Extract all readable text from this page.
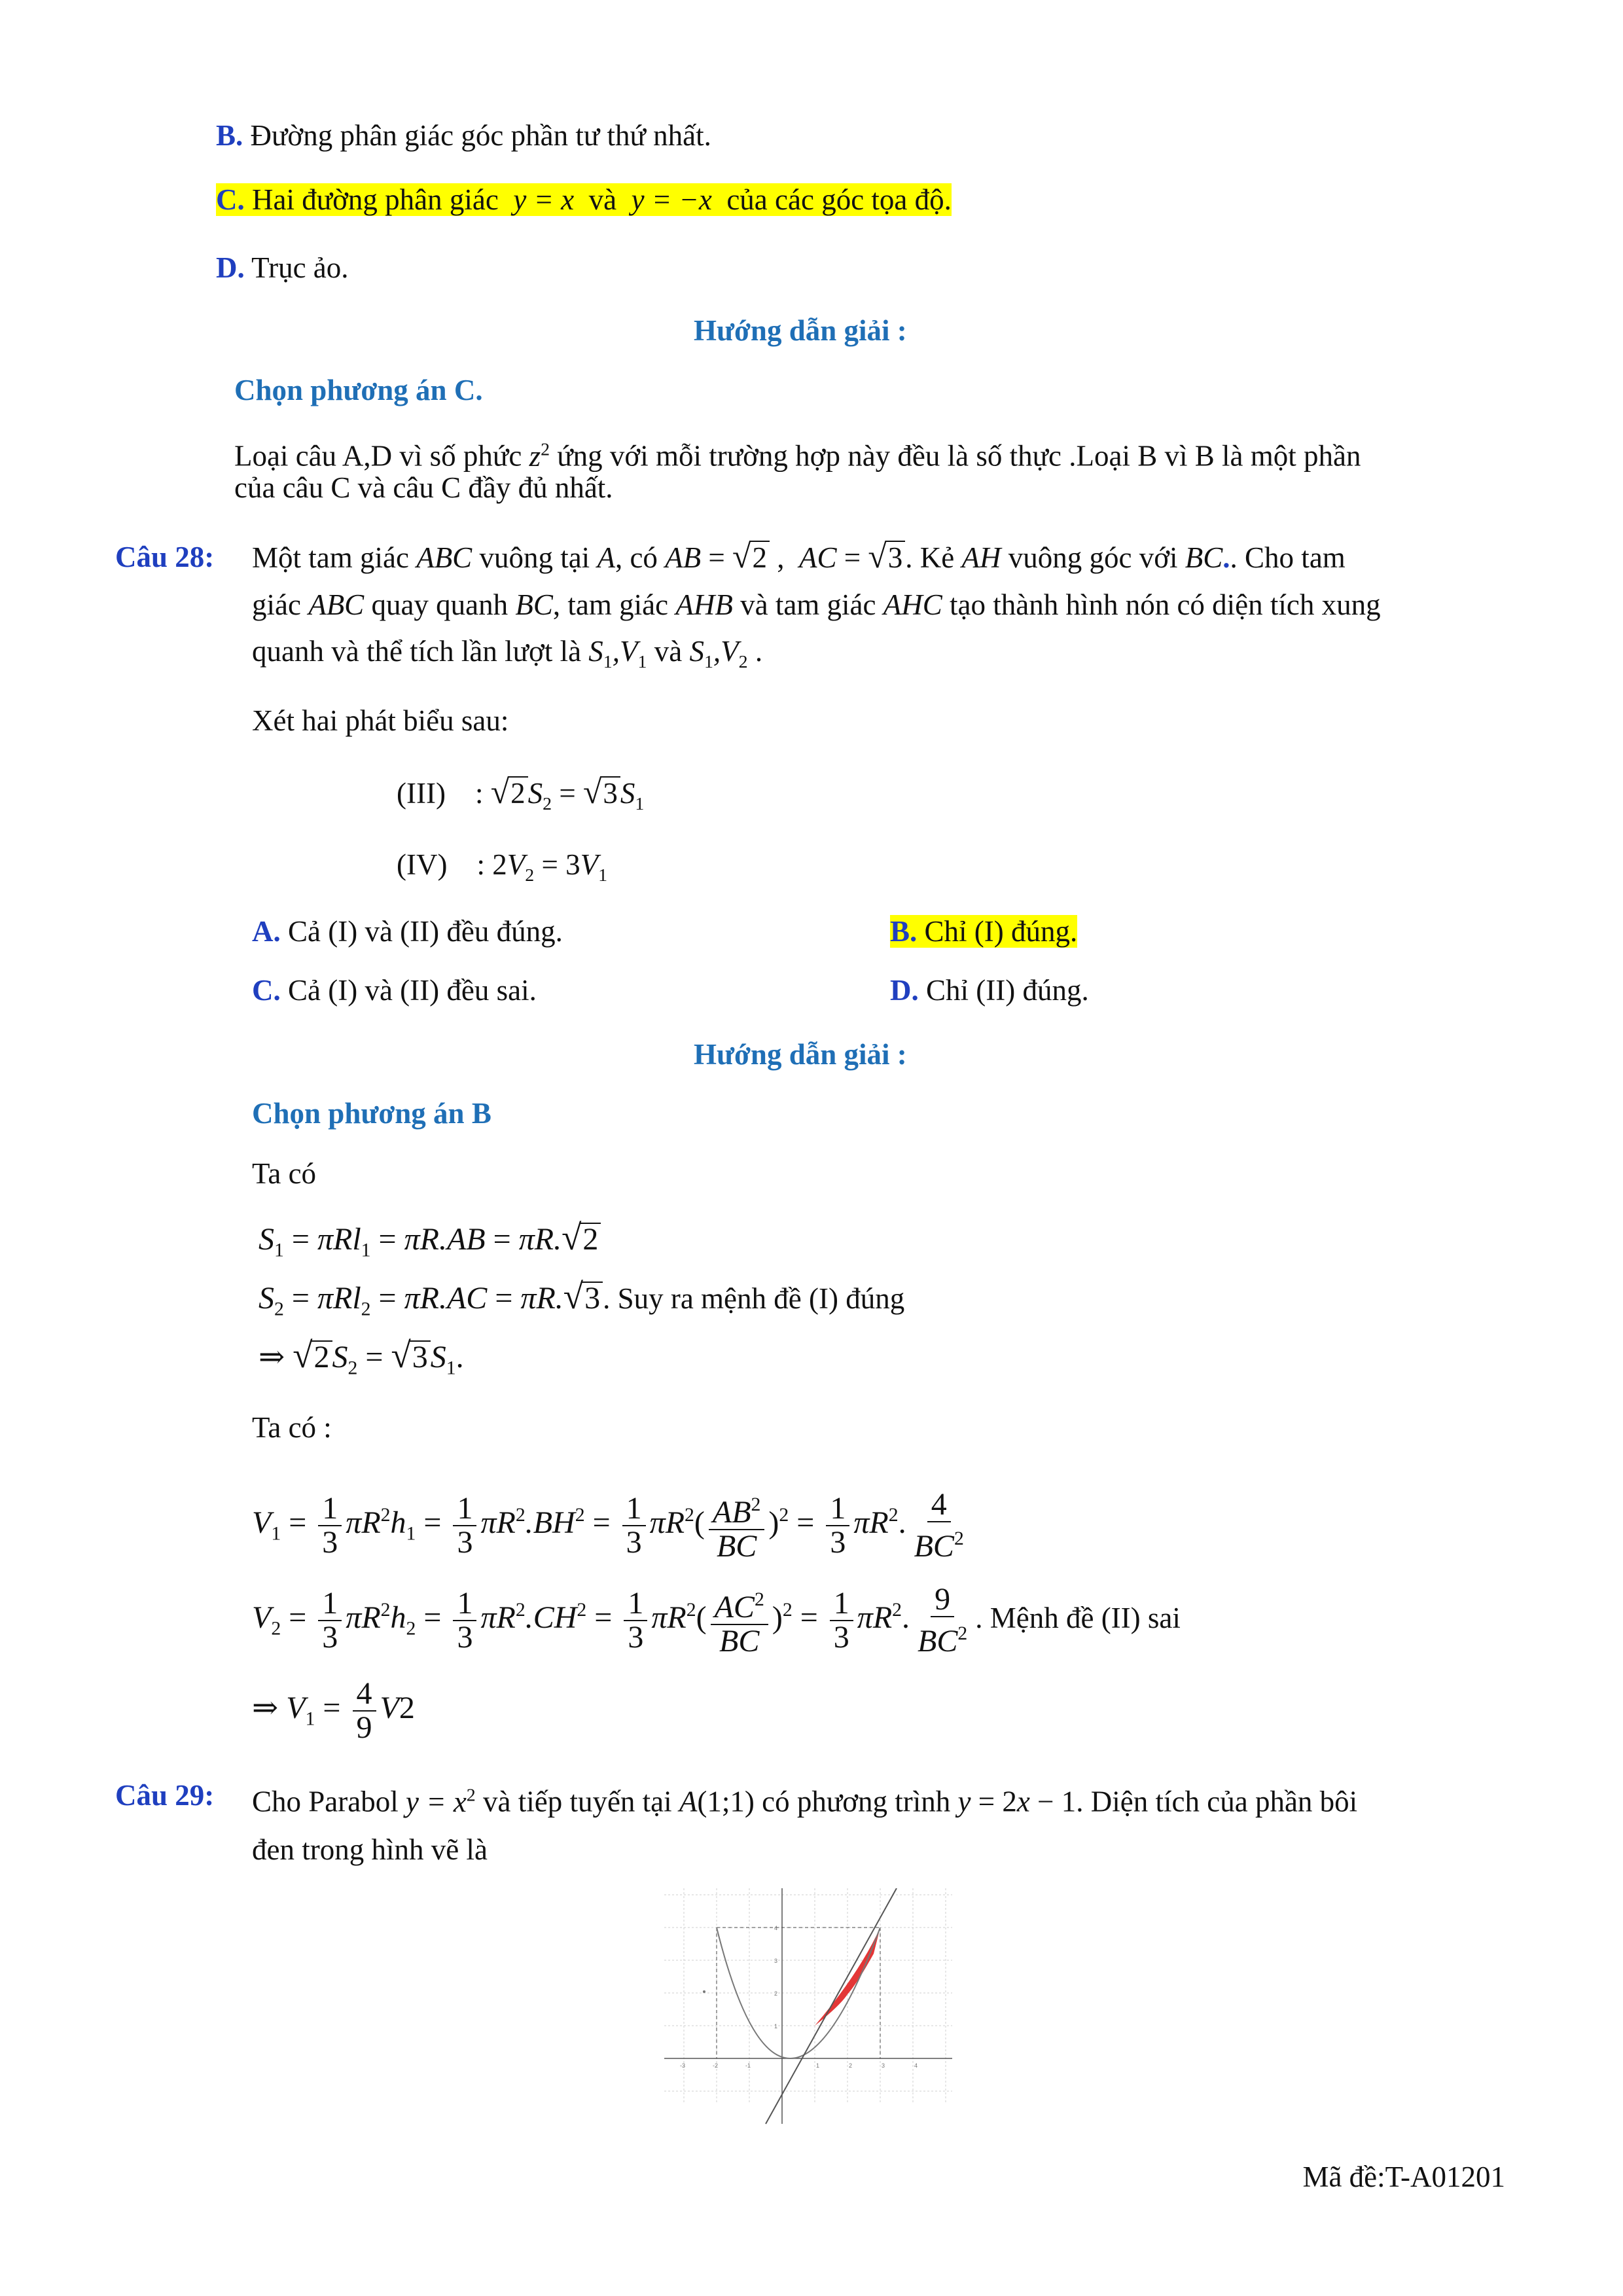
B. Đường phân giác góc phần tư thứ nhất.
C. Hai đường phân giác  y = x  và  y = −x  của các góc tọa độ.
D. Trục ảo.
Hướng dẫn giải :
Chọn phương án C.
Loại câu A,D vì số phức $z^2$ ứng với mỗi trường hợp này đều là số thực .Loại B vì B là một phần
của câu C và câu C đầy đủ nhất.
Câu 28: Một tam giác ABC vuông tại A, có AB = √2 ,  AC = √3. Kẻ AH vuông góc với BC.. Cho tam
giác ABC quay quanh BC, tam giác AHB và tam giác AHC tạo thành hình nón có diện tích xung
quanh và thể tích lần lượt là $S_1,V_1$ và $S_1,V_2$ .
Xét hai phát biểu sau:
(III)    : $√2S_2 = √3S_1$
(IV)    : $2V_2 = 3V_1$
A. Cả (I) và (II) đều đúng.	B. Chỉ (I) đúng.
C. Cả (I) và (II) đều sai.	D. Chỉ (II) đúng.
Hướng dẫn giải :
Chọn phương án B
Ta có
$S_1 = \pi Rl_1 = \pi R.AB = \pi R.√2$
$S_2 = \pi Rl_2 = \pi R.AC = \pi R.√3$. Suy ra mệnh đề (I) đúng
⇒ $√2S_2 = √3S_1$.
Ta có :
$V_1 = \frac{1}{3} \pi R^2h_1 = \frac{1}{3} \pi R^2.BH^2 = \frac{1}{3} \pi R^2( \frac{AB^2}{BC} )^2 = \frac{1}{3} \pi R^2$. $\frac{4}{BC^2}$
$V_2 = \frac{1}{3} \pi R^2h_2 = \frac{1}{3} \pi R^2.CH^2 = \frac{1}{3} \pi R^2( \frac{AC^2}{BC} )^2 = \frac{1}{3} \pi R^2$. $\frac{9}{BC^2}$ . Mệnh đề (II) sai
⇒ $V_1 = \frac{4}{9} V2$
Câu 29: Cho Parabol $y = x^2$ và tiếp tuyến tại A(1;1) có phương trình y = 2x − 1. Diện tích của phần bôi
đen trong hình vẽ là
-3	-2	-1	1	2	3	4
1
2
3
4
Mã đề:T-A01201
